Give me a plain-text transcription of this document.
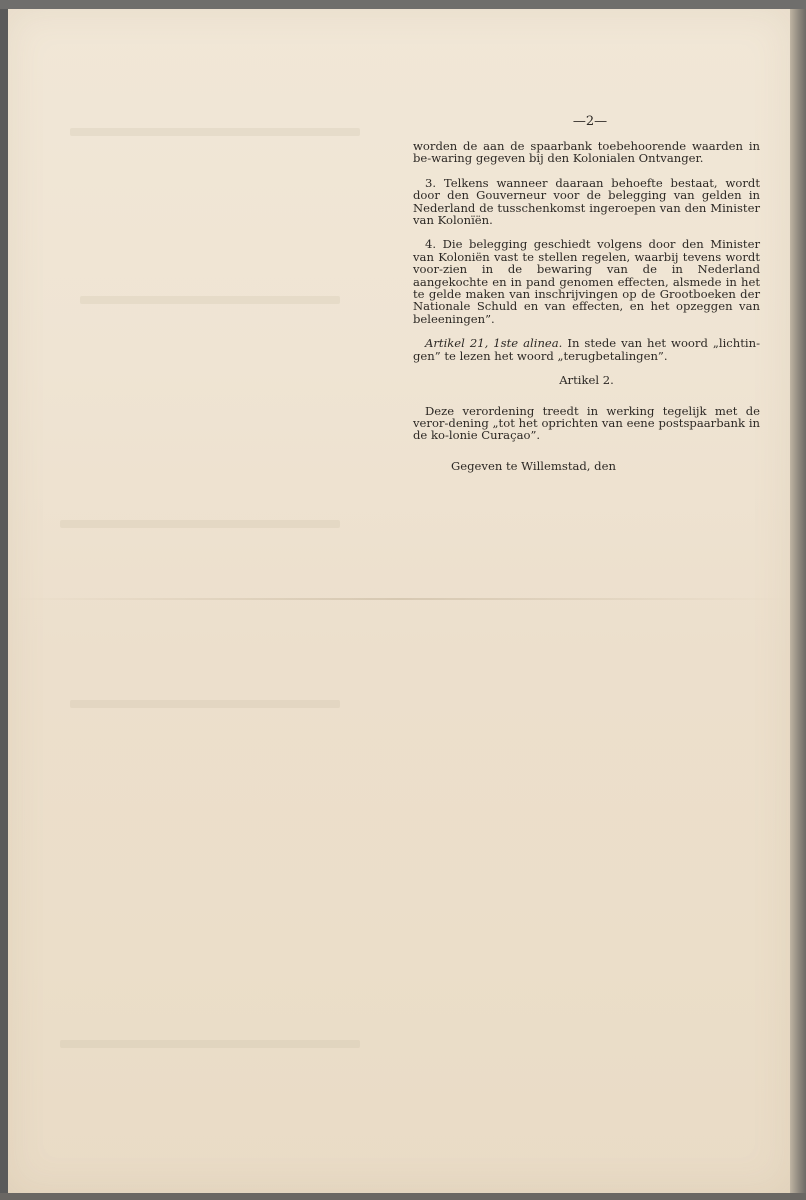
—2—

worden de aan de spaarbank toebehoorende waarden in be-waring gegeven bij den Kolonialen Ontvanger.

3. Telkens wanneer daaraan behoefte bestaat, wordt door den Gouverneur voor de belegging van gelden in Nederland de tusschenkomst ingeroepen van den Minister van Kolonïën.

4. Die belegging geschiedt volgens door den Minister van Koloniën vast te stellen regelen, waarbij tevens wordt voor-zien in de bewaring van de in Nederland aangekochte en in pand genomen effecten, alsmede in het te gelde maken van inschrijvingen op de Grootboeken der Nationale Schuld en van effecten, en het opzeggen van beleeningen”.

Artikel 21, 1ste alinea. In stede van het woord „lichtin-gen” te lezen het woord „terugbetalingen”.

Artikel 2.

Deze verordening treedt in werking tegelijk met de veror-dening „tot het oprichten van eene postspaarbank in de ko-lonie Curaçao”.

Gegeven te Willemstad, den
